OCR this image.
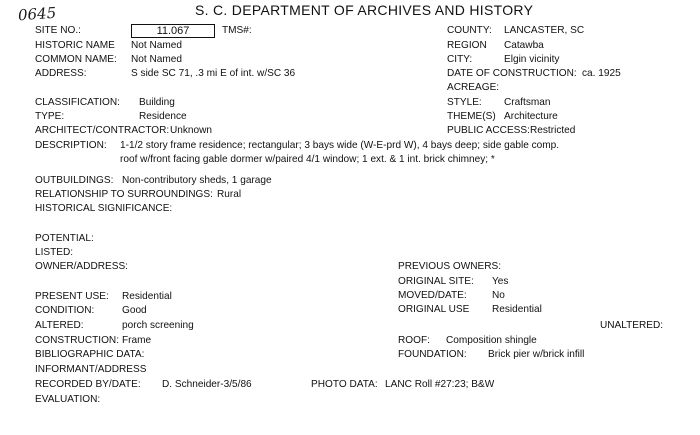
0645	S. C. DEPARTMENT OF ARCHIVES AND HISTORY
SITE NO.:	11.067	TMS#:
HISTORIC NAME Not Named
COMMON NAME: Not Named
ADDRESS:	S side SC 71, .3 mi E of int. w/SC 36
COUNTY: LANCASTER, SC
REGION Catawba
CITY:	Elgin vicinity
DATE OF CONSTRUCTION: ca. 1925
ACREAGE:
CLASSIFICATION: Building
TYPE:	Residence
ARCHITECT/CONTRACTOR: Unknown
STYLE: Craftsman
THEME(S) Architecture
PUBLIC ACCESS: Restricted
DESCRIPTION: 1-1/2 story frame residence; rectangular; 3 bays wide (W-E-prd W), 4 bays deep; side gable comp.
roof w/front facing gable dormer w/paired 4/1 window; 1 ext. & 1 int. brick chimney; *
OUTBUILDINGS: Non-contributory sheds, 1 garage
RELATIONSHIP TO SURROUNDINGS: Rural
HISTORICAL SIGNIFICANCE:
POTENTIAL:
LISTED:
OWNER/ADDRESS:	PREVIOUS OWNERS:
ORIGINAL SITE: Yes
MOVED/DATE: No
ORIGINAL USE Residential
PRESENT USE: Residential
CONDITION:	Good
ALTERED:	porch screening	UNALTERED:
CONSTRUCTION: Frame	ROOF: Composition shingle
BIBLIOGRAPHIC DATA:	FOUNDATION: Brick pier w/brick infill
INFORMANT/ADDRESS
RECORDED BY/DATE: D. Schneider-3/5/86	PHOTO DATA: LANC Roll #27:23; B&W
EVALUATION:
